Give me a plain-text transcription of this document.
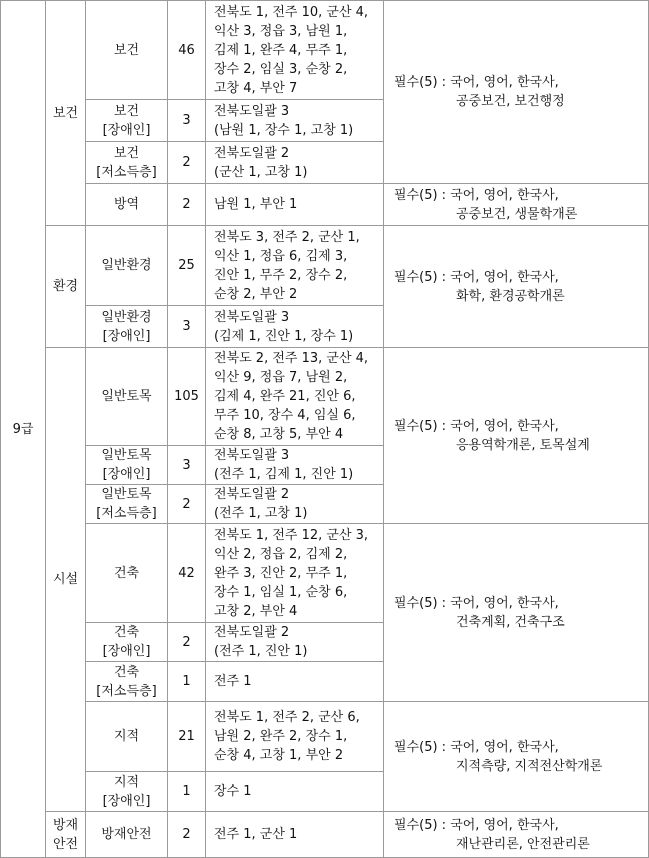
9급	보건	보건	46	전북도 1, 전주 10, 군산 4,
익산 3, 정읍 3, 남원 1,
김제 1, 완주 4, 무주 1,
장수 2, 임실 3, 순창 2,
고창 4, 부안 7	필수(5) : 국어, 영어, 한국사,
공중보건, 보건행정

		보건
[장애인]	3	전북도일괄 3
(남원 1, 장수 1, 고창 1)	

		보건
[저소득층]	2	전북도일괄 2
(군산 1, 고창 1)	

		방역	2	남원 1, 부안 1	필수(5) : 국어, 영어, 한국사,
공중보건, 생물학개론

	환경	일반환경	25	전북도 3, 전주 2, 군산 1,
익산 1, 정읍 6, 김제 3,
진안 1, 무주 2, 장수 2,
순창 2, 부안 2	필수(5) : 국어, 영어, 한국사,
화학, 환경공학개론

		일반환경
[장애인]	3	전북도일괄 3
(김제 1, 진안 1, 장수 1)	

	시설	일반토목	105	전북도 2, 전주 13, 군산 4,
익산 9, 정읍 7, 남원 2,
김제 4, 완주 21, 진안 6,
무주 10, 장수 4, 임실 6,
순창 8, 고창 5, 부안 4	필수(5) : 국어, 영어, 한국사,
응용역학개론, 토목설계

		일반토목
[장애인]	3	전북도일괄 3
(전주 1, 김제 1, 진안 1)	

		일반토목
[저소득층]	2	전북도일괄 2
(전주 1, 고창 1)	

		건축	42	전북도 1, 전주 12, 군산 3,
익산 2, 정읍 2, 김제 2,
완주 3, 진안 2, 무주 1,
장수 1, 임실 1, 순창 6,
고창 2, 부안 4	필수(5) : 국어, 영어, 한국사,
건축계획, 건축구조

		건축
[장애인]	2	전북도일괄 2
(전주 1, 진안 1)	

		건축
[저소득층]	1	전주 1	

		지적	21	전북도 1, 전주 2, 군산 6,
남원 2, 완주 2, 장수 1,
순창 4, 고창 1, 부안 2	필수(5) : 국어, 영어, 한국사,
지적측량, 지적전산학개론

		지적
[장애인]	1	장수 1	

	방재
안전	방재안전	2	전주 1, 군산 1	필수(5) : 국어, 영어, 한국사,
재난관리론, 안전관리론
